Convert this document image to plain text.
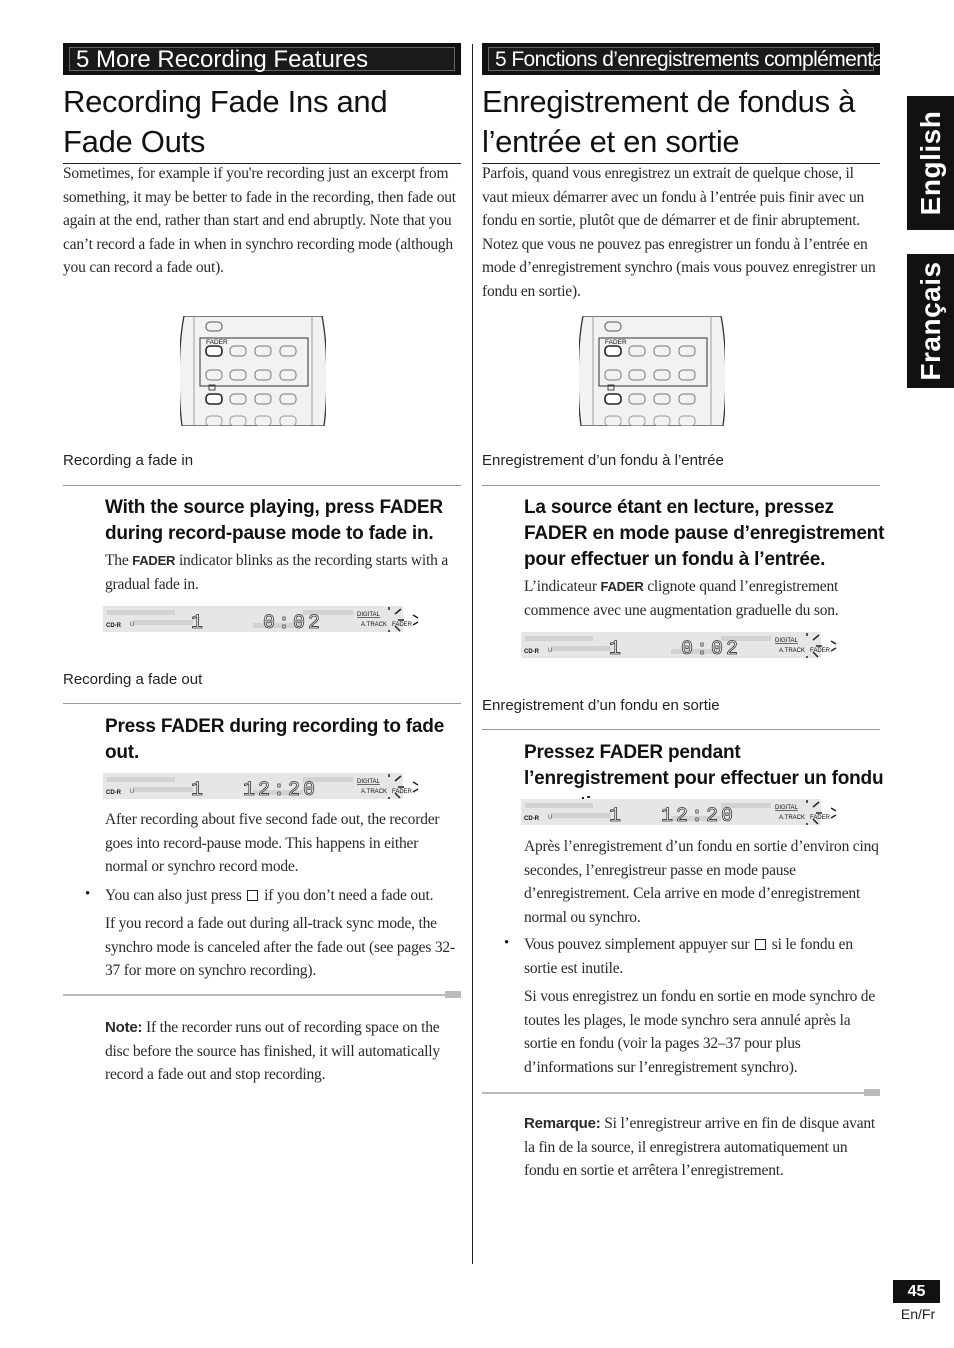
5 More Recording Features
Recording Fade Ins and
Fade Outs

Sometimes, for example if you're recording just an excerpt from something, it may be better to fade in the recording, then fade out again at the end, rather than start and end abruptly. Note that you can’t record a fade in when in synchro recording mode (although you can record a fade out).

FADER
Recording a fade in
With the source playing, press FADER during record-pause mode to fade in.

The FADER indicator blinks as the recording starts with a gradual fade in.

CD-R U	1	0:02	DIGITAL
A.TRACK FADER
Recording a fade out
Press FADER during recording to fade out.
CD-R U	1 12:20	DIGITAL
A.TRACK FADER

After recording about five second fade out, the recorder goes into record-pause mode. This happens in either normal or synchro record mode.

• You can also just press if you don’t need a fade out.

If you record a fade out during all-track sync mode, the synchro mode is canceled after the fade out (see pages 32-37 for more on synchro recording).

Note: If the recorder runs out of recording space on the disc before the source has finished, it will automatically record a fade out and stop recording.

5 Fonctions d’enregistrements complémentaires
Enregistrement de fondus à
l’entrée et en sortie

Parfois, quand vous enregistrez un extrait de quelque chose, il vaut mieux démarrer avec un fondu à l’entrée puis finir avec un fondu en sortie, plutôt que de démarrer et de finir abruptement. Notez que vous ne pouvez pas enregistrer un fondu à l’entrée en mode d’enregistrement synchro (mais vous pouvez enregistrer un fondu en sortie).

FADER
Enregistrement d’un fondu à l’entrée
La source étant en lecture, pressez FADER en mode pause d’enregistrement pour effectuer un fondu à l’entrée.

L’indicateur FADER clignote quand l’enregistrement commence avec une augmentation graduelle du son.

CD-R U	1	0:02	DIGITAL
A.TRACK FADER
Enregistrement d’un fondu en sortie
Pressez FADER pendant l’enregistrement pour effectuer un fondu
CD-R U	1 12:20	DIGITAL
A.TRACK FADER

Après l’enregistrement d’un fondu en sortie d’environ cinq secondes, l’enregistreur passe en mode pause d’enregistrement. Cela arrive en mode d’enregistrement normal ou synchro.

• Vous pouvez simplement appuyer sur si le fondu en sortie est inutile.

Si vous enregistrez un fondu en sortie en mode synchro de toutes les plages, le mode synchro sera annulé après la sortie en fondu (voir la pages 32–37 pour plus d’informations sur l’enregistrement synchro).

Remarque: Si l’enregistreur arrive en fin de disque avant la fin de la source, il enregistrera automatiquement un fondu en sortie et arrêtera l’enregistrement.

English
Français
45
En/Fr
